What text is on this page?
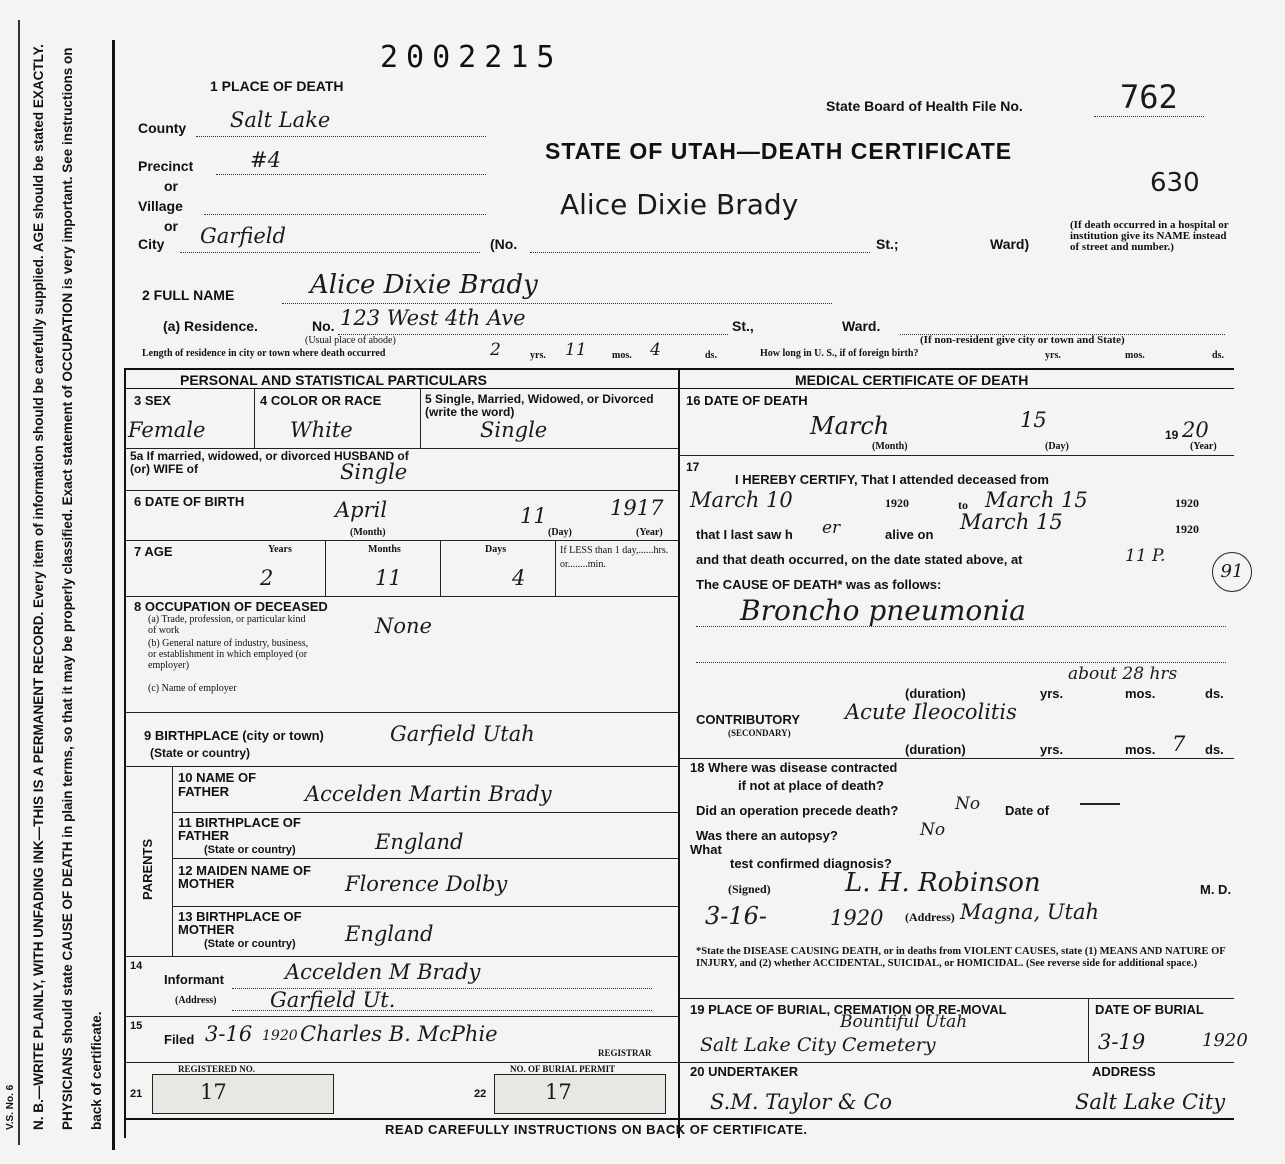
V.S. No. 6	N. B.—WRITE PLAINLY, WITH UNFADING INK—THIS IS A PERMANENT RECORD. Every item of information should be carefully supplied. AGE should be stated EXACTLY. PHYSICIANS should state CAUSE OF DEATH in plain terms, so that it may be properly classified. Exact statement of OCCUPATION is very important. See instructions on back of certificate.
2002215
1 PLACE OF DEATH
State Board of Health File No.	762
STATE OF UTAH—DEATH CERTIFICATE
Alice Dixie Brady
630
County Salt Lake
Precinct	#4
or
Village
or
City Garfield	(No.	St.;	Ward)
(If death occurred in a hospital or institution give its NAME instead of street and number.)
2 FULL NAME	Alice Dixie Brady
(a) Residence.	No. 123 West 4th Ave	St.,	Ward.
(Usual place of abode)	(If non-resident give city or town and State)
Length of residence in city or town where death occurred	2	yrs. 11	mos. 4	ds.	How long in U. S., if of foreign birth?	yrs.	mos.	ds.
PERSONAL AND STATISTICAL PARTICULARS	MEDICAL CERTIFICATE OF DEATH
3 SEX
Female
4 COLOR OR RACE
White
5 Single, Married, Widowed, or Divorced (write the word)
Single
5a If married, widowed, or divorced HUSBAND of (or) WIFE of	Single
6 DATE OF BIRTH	April	11	1917
(Month)	(Day)	(Year)
7 AGE	Years	Months	Days
2	11	4
If LESS than 1 day,......hrs. or........min.
8 OCCUPATION OF DECEASED
(a) Trade, profession, or particular kind of work
(b) General nature of industry, business, or establishment in which employed (or employer)
(c) Name of employer
None
9 BIRTHPLACE (city or town)
(State or country)
Garfield Utah
PARENTS
10 NAME OF FATHER	Accelden Martin Brady
11 BIRTHPLACE OF FATHER
(State or country)	England
12 MAIDEN NAME OF MOTHER	Florence Dolby
13 BIRTHPLACE OF MOTHER
(State or country) England
14
Informant	Accelden M Brady
(Address)	Garfield Ut.
15
Filed 3-16 1920 Charles B. McPhie
REGISTRAR
REGISTERED NO.	NO. OF BURIAL PERMIT
21	17	22	17
16 DATE OF DEATH
March	15
19 20
(Month)	(Day)	(Year)
17
I HEREBY CERTIFY, That I attended deceased from
March 10	1920	to March 15	1920
that I last saw h er	alive on
March 15	1920
and that death occurred, on the date stated above, at	11 P.
The CAUSE OF DEATH* was as follows:
91
Broncho pneumonia
about 28 hrs
(duration)	yrs.	mos.	ds.
CONTRIBUTORY
(SECONDARY)
Acute Ileocolitis
(duration)	yrs.	mos. 7 ds.
18 Where was disease contracted
if not at place of death?
Did an operation precede death?	No Date of
Was there an autopsy?	No
What
test confirmed diagnosis?
(Signed)	L. H. Robinson	M. D.
3-16-	1920 (Address) Magna, Utah
*State the DISEASE CAUSING DEATH, or in deaths from VIOLENT CAUSES, state (1) MEANS AND NATURE OF INJURY, and (2) whether ACCIDENTAL, SUICIDAL, or HOMICIDAL. (See reverse side for additional space.)
19 PLACE OF BURIAL, CREMATION OR RE-MOVAL
Bountiful Utah
Salt Lake City Cemetery
DATE OF BURIAL
3-19	1920
20 UNDERTAKER
S.M. Taylor & Co
ADDRESS
Salt Lake City
READ CAREFULLY INSTRUCTIONS ON BACK OF CERTIFICATE.
